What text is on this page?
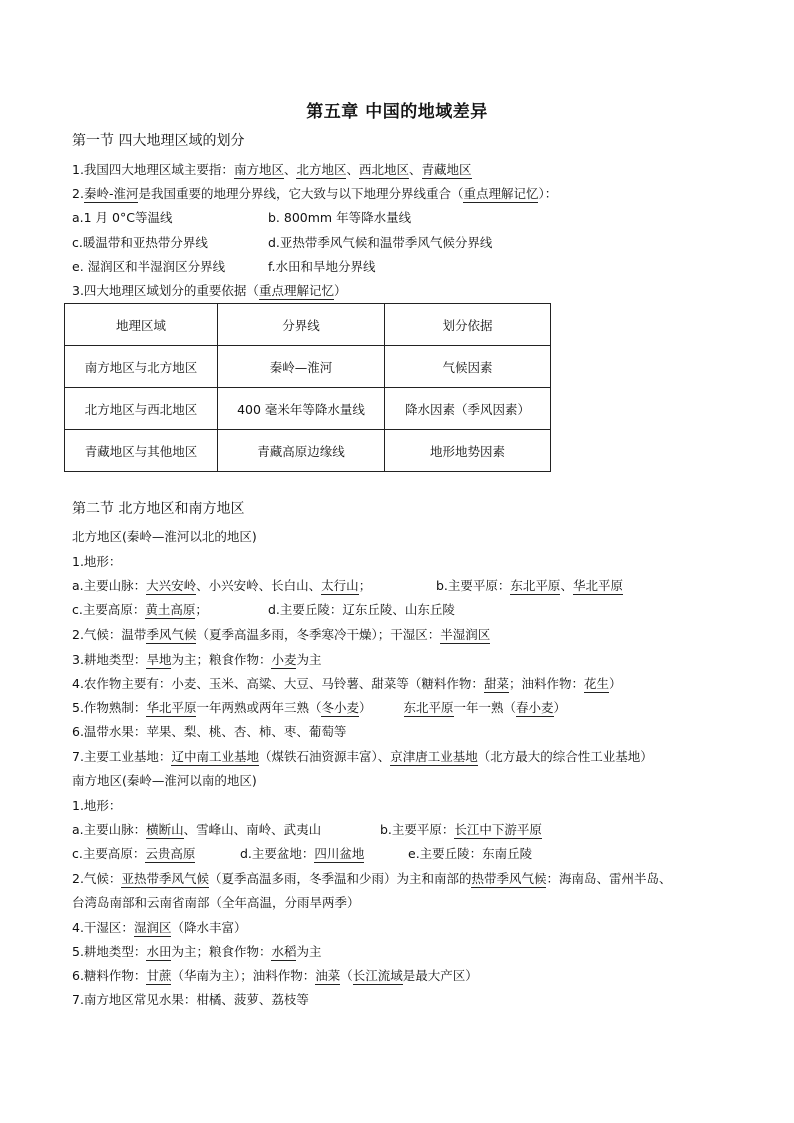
第五章 中国的地域差异
第一节 四大地理区域的划分
1.我国四大地理区域主要指：南方地区、北方地区、西北地区、青藏地区
2.秦岭-淮河是我国重要的地理分界线，它大致与以下地理分界线重合（重点理解记忆）：
a.1 月 0°C等温线	b. 800mm 年等降水量线
c.暖温带和亚热带分界线	d.亚热带季风气候和温带季风气候分界线
e. 湿润区和半湿润区分界线	f.水田和旱地分界线
3.四大地理区域划分的重要依据（重点理解记忆）
地理区域	分界线	划分依据
南方地区与北方地区	秦岭—淮河	气候因素
北方地区与西北地区	400 毫米年等降水量线	降水因素（季风因素）
青藏地区与其他地区	青藏高原边缘线	地形地势因素
第二节 北方地区和南方地区
北方地区(秦岭—淮河以北的地区)
1.地形：
a.主要山脉：大兴安岭、小兴安岭、长白山、太行山；	b.主要平原：东北平原、华北平原
c.主要高原：黄土高原；	d.主要丘陵：辽东丘陵、山东丘陵
2.气候：温带季风气候（夏季高温多雨，冬季寒冷干燥）；干湿区：半湿润区
3.耕地类型：旱地为主；粮食作物：小麦为主
4.农作物主要有：小麦、玉米、高粱、大豆、马铃薯、甜菜等（糖料作物：甜菜；油料作物：花生）
5.作物熟制：华北平原一年两熟或两年三熟（冬小麦）	东北平原一年一熟（春小麦）
6.温带水果：苹果、梨、桃、杏、柿、枣、葡萄等
7.主要工业基地：辽中南工业基地（煤铁石油资源丰富）、京津唐工业基地（北方最大的综合性工业基地）
南方地区(秦岭—淮河以南的地区)
1.地形：
a.主要山脉：横断山、雪峰山、南岭、武夷山	b.主要平原：长江中下游平原
c.主要高原：云贵高原	d.主要盆地：四川盆地	e.主要丘陵：东南丘陵
2.气候：亚热带季风气候（夏季高温多雨，冬季温和少雨）为主和南部的热带季风气候：海南岛、雷州半岛、
台湾岛南部和云南省南部（全年高温，分雨旱两季）
4.干湿区：湿润区（降水丰富）
5.耕地类型：水田为主；粮食作物：水稻为主
6.糖料作物：甘蔗（华南为主）；油料作物：油菜（长江流域是最大产区）
7.南方地区常见水果：柑橘、菠萝、荔枝等
